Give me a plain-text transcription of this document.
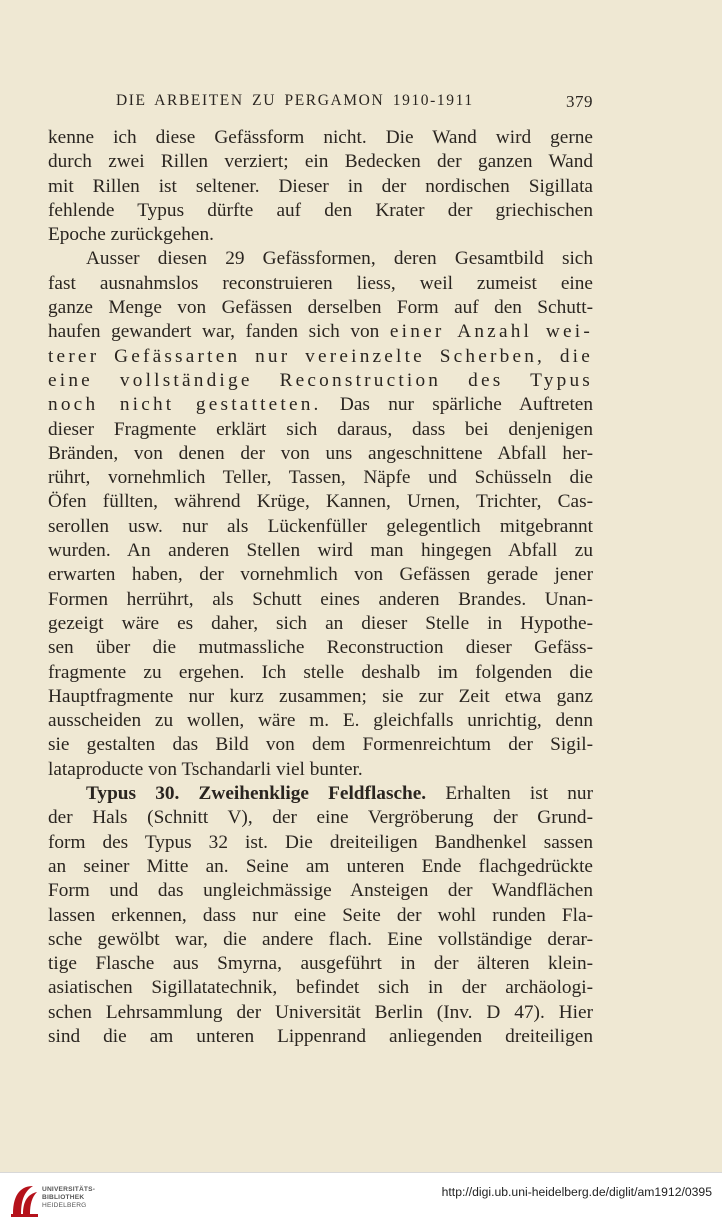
DIE ARBEITEN ZU PERGAMON 1910-1911	379
kenne ich diese Gefässform nicht. Die Wand wird gerne
durch zwei Rillen verziert; ein Bedecken der ganzen Wand
mit Rillen ist seltener. Dieser in der nordischen Sigillata
fehlende Typus dürfte auf den Krater der griechischen
Epoche zurückgehen.
Ausser diesen 29 Gefässformen, deren Gesamtbild sich
fast ausnahmslos reconstruieren liess, weil zumeist eine
ganze Menge von Gefässen derselben Form auf den Schutt-
haufen gewandert war, fanden sich von einer Anzahl wei-
terer Gefässarten nur vereinzelte Scherben, die
eine vollständige Reconstruction des Typus
noch nicht gestatteten. Das nur spärliche Auftreten
dieser Fragmente erklärt sich daraus, dass bei denjenigen
Bränden, von denen der von uns angeschnittene Abfall her-
rührt, vornehmlich Teller, Tassen, Näpfe und Schüsseln die
Öfen füllten, während Krüge, Kannen, Urnen, Trichter, Cas-
serollen usw. nur als Lückenfüller gelegentlich mitgebrannt
wurden. An anderen Stellen wird man hingegen Abfall zu
erwarten haben, der vornehmlich von Gefässen gerade jener
Formen herrührt, als Schutt eines anderen Brandes. Unan-
gezeigt wäre es daher, sich an dieser Stelle in Hypothe-
sen über die mutmassliche Reconstruction dieser Gefäss-
fragmente zu ergehen. Ich stelle deshalb im folgenden die
Hauptfragmente nur kurz zusammen; sie zur Zeit etwa ganz
ausscheiden zu wollen, wäre m. E. gleichfalls unrichtig, denn
sie gestalten das Bild von dem Formenreichtum der Sigil-
lataproducte von Tschandarli viel bunter.
Typus 30. Zweihenklige Feldflasche. Erhalten ist nur
der Hals (Schnitt V), der eine Vergröberung der Grund-
form des Typus 32 ist. Die dreiteiligen Bandhenkel sassen
an seiner Mitte an. Seine am unteren Ende flachgedrückte
Form und das ungleichmässige Ansteigen der Wandflächen
lassen erkennen, dass nur eine Seite der wohl runden Fla-
sche gewölbt war, die andere flach. Eine vollständige derar-
tige Flasche aus Smyrna, ausgeführt in der älteren klein-
asiatischen Sigillatatechnik, befindet sich in der archäologi-
schen Lehrsammlung der Universität Berlin (Inv. D 47). Hier
sind die am unteren Lippenrand anliegenden dreiteiligen
UNIVERSITÄTS-
BIBLIOTHEK
HEIDELBERG
http://digi.ub.uni-heidelberg.de/diglit/am1912/0395
